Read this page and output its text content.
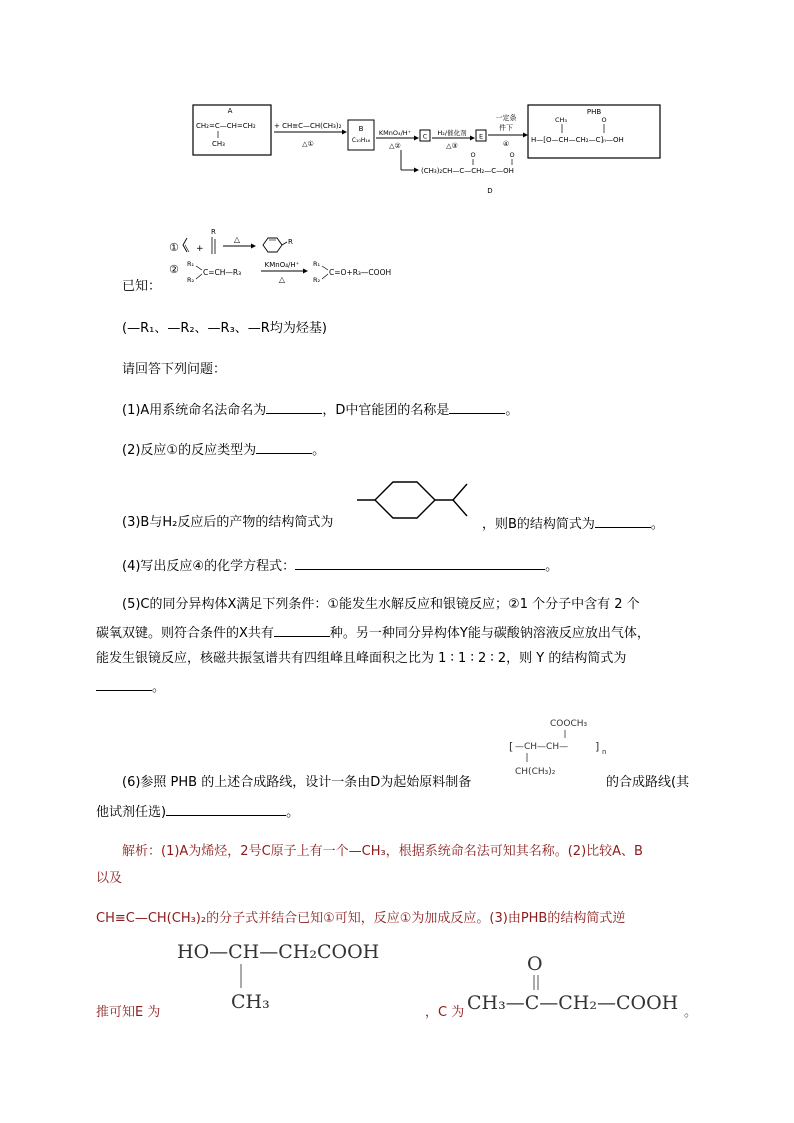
A
CH₂=C—CH=CH₂
CH₃
+ CH≡C—CH(CH₃)₂
△①
B
C₁₀H₁₆
KMnO₄/H⁺
△②
C H₂/催化剂
△③
E
一定条
件下
④
PHB
O
H—[O—CH—CH₂—C]ₙ—OH
CH₃
O	O
(CH₃)₂CH—C—CH₂—C—OH
D
① +
R
△	R
② R₁
R₂
C=CH—R₃
KMnO₄/H⁺
△
R₁
R₂
C=O+R₃—COOH
已知：
(—R₁、—R₂、—R₃、—R均为烃基)
请回答下列问题：
(1)A用系统命名法命名为	，D中官能团的名称是	。
(2)反应①的反应类型为	。
(3)B与H₂反应后的产物的结构简式为	，则B的结构简式为	。
(4)写出反应④的化学方程式：	。
(5)C的同分异构体X满足下列条件：①能发生水解反应和银镜反应；②1 个分子中含有 2 个
碳氧双键。则符合条件的X共有	种。另一种同分异构体Y能与碳酸钠溶液反应放出气体，
能发生银镜反应，核磁共振氢谱共有四组峰且峰面积之比为 1 ∶ 1 ∶ 2 ∶ 2，则 Y 的结构简式为
。
COOCH₃
[ —CH—CH— ] n
CH(CH₃)₂
(6)参照 PHB 的上述合成路线，设计一条由D为起始原料制备	的合成路线(其
他试剂任选)	。
解析：(1)A为烯烃，2号C原子上有一个—CH₃，根据系统命名法可知其名称。(2)比较A、B
以及
CH≡C—CH(CH₃)₂的分子式并结合已知①可知，反应①为加成反应。(3)由PHB的结构简式逆
HO—CH—CH₂COOH
CH₃
推可知E 为	，C 为
O
CH₃—C—CH₂—COOH 。
